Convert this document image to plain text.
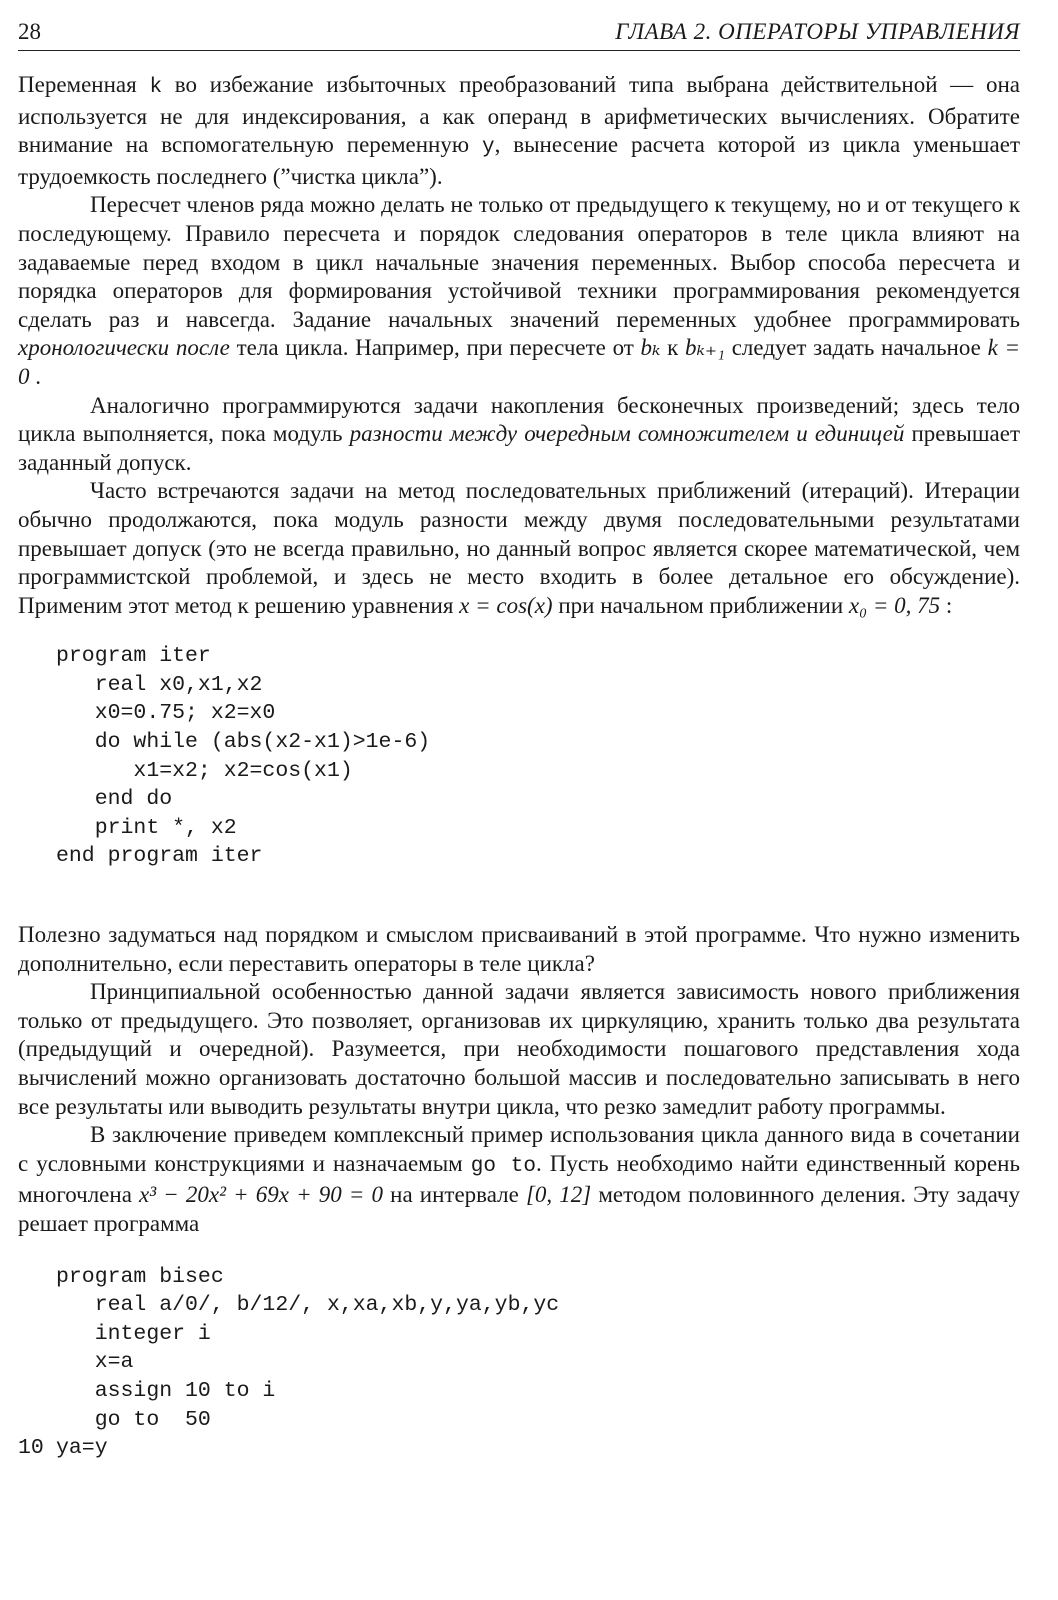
28	ГЛАВА 2. ОПЕРАТОРЫ УПРАВЛЕНИЯ

Переменная k во избежание избыточных преобразований типа выбрана действительной — она используется не для индексирования, а как операнд в арифметических вычислениях. Обратите внимание на вспомогательную переменную y, вынесение расчета которой из цикла уменьшает трудоемкость последнего (”чистка цикла”).

Пересчет членов ряда можно делать не только от предыдущего к текущему, но и от текущего к последующему. Правило пересчета и порядок следования операторов в теле цикла влияют на задаваемые перед входом в цикл начальные значения переменных. Выбор способа пересчета и порядка операторов для формирования устойчивой техники программирования рекомендуется сделать раз и навсегда. Задание начальных значений переменных удобнее программировать хронологически после тела цикла. Например, при пересчете от bₖ к bₖ₊₁ следует задать начальное k = 0 .

Аналогично программируются задачи накопления бесконечных произведений; здесь тело цикла выполняется, пока модуль разности между очередным сомножителем и единицей превышает заданный допуск.

Часто встречаются задачи на метод последовательных приближений (итераций). Итерации обычно продолжаются, пока модуль разности между двумя последовательными результатами превышает допуск (это не всегда правильно, но данный вопрос является скорее математической, чем программистской проблемой, и здесь не место входить в более детальное его обсуждение). Применим этот метод к решению уравнения x = cos(x) при начальном приближении x₀ = 0, 75 :

program iter
real x0,x1,x2
x0=0.75; x2=x0
do while (abs(x2-x1)>1e-6)
x1=x2; x2=cos(x1)
end do
print *, x2
end program iter

Полезно задуматься над порядком и смыслом присваиваний в этой программе. Что нужно изменить дополнительно, если переставить операторы в теле цикла?

Принципиальной особенностью данной задачи является зависимость нового приближения только от предыдущего. Это позволяет, организовав их циркуляцию, хранить только два результата (предыдущий и очередной). Разумеется, при необходимости пошагового представления хода вычислений можно организовать достаточно большой массив и последовательно записывать в него все результаты или выводить результаты внутри цикла, что резко замедлит работу программы.

В заключение приведем комплексный пример использования цикла данного вида в сочетании с условными конструкциями и назначаемым go to. Пусть необходимо найти единственный корень многочлена x³ − 20x² + 69x + 90 = 0 на интервале [0, 12] методом половинного деления. Эту задачу решает программа

program bisec
real a/0/, b/12/, x,xa,xb,y,ya,yb,yc
integer i
x=a
assign 10 to i
go to  50
10 ya=y
